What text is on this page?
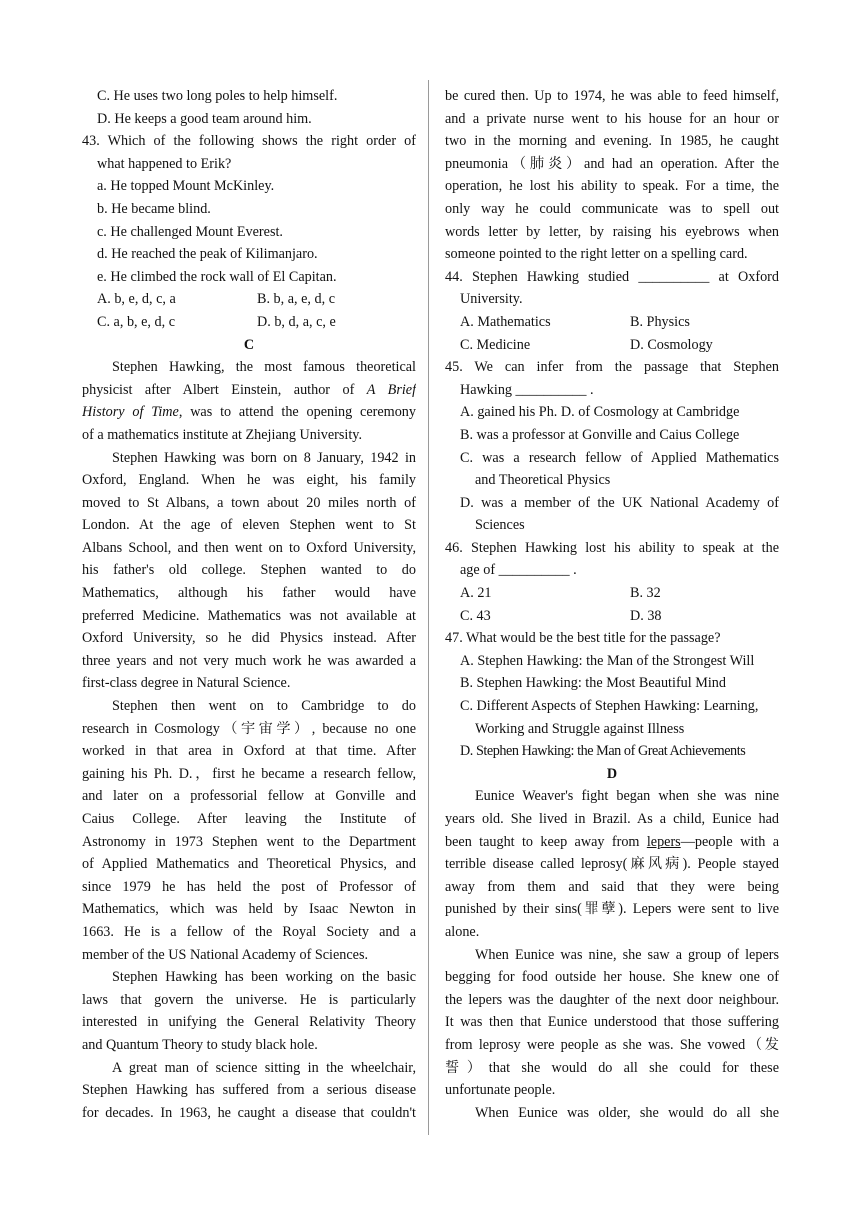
C. He uses two long poles to help himself.
D. He keeps a good team around him.
43. Which of the following shows the right order of
what happened to Erik?
a. He topped Mount McKinley.
b. He became blind.
c. He challenged Mount Everest.
d. He reached the peak of Kilimanjaro.
e. He climbed the rock wall of El Capitan.
A. b, e, d, c, a	B. b, a, e, d, c
C. a, b, e, d, c	D. b, d, a, c, e
C
Stephen Hawking, the most famous theoretical
physicist after Albert Einstein, author of A Brief
History of Time, was to attend the opening ceremony
of a mathematics institute at Zhejiang University.
Stephen Hawking was born on 8 January, 1942 in
Oxford, England. When he was eight, his family
moved to St Albans, a town about 20 miles north of
London. At the age of eleven Stephen went to St
Albans School, and then went on to Oxford University,
his father's old college. Stephen wanted to do
Mathematics, although his father would have
preferred Medicine. Mathematics was not available at
Oxford University, so he did Physics instead. After
three years and not very much work he was awarded a
first-class degree in Natural Science.
Stephen then went on to Cambridge to do
research in Cosmology（宇宙学）, because no one
worked in that area in Oxford at that time. After
gaining his Ph. D.，first he became a research fellow,
and later on a professorial fellow at Gonville and
Caius College. After leaving the Institute of
Astronomy in 1973 Stephen went to the Department
of Applied Mathematics and Theoretical Physics, and
since 1979 he has held the post of Professor of
Mathematics, which was held by Isaac Newton in
1663. He is a fellow of the Royal Society and a
member of the US National Academy of Sciences.
Stephen Hawking has been working on the basic
laws that govern the universe. He is particularly
interested in unifying the General Relativity Theory
and Quantum Theory to study black hole.
A great man of science sitting in the wheelchair,
Stephen Hawking has suffered from a serious disease
for decades. In 1963, he caught a disease that couldn't
be cured then. Up to 1974, he was able to feed himself,
and a private nurse went to his house for an hour or
two in the morning and evening. In 1985, he caught
pneumonia（肺炎）and had an operation. After the
operation, he lost his ability to speak. For a time, the
only way he could communicate was to spell out
words letter by letter, by raising his eyebrows when
someone pointed to the right letter on a spelling card.
44. Stephen Hawking studied __________ at Oxford
University.
A. Mathematics	B. Physics
C. Medicine	D. Cosmology
45. We can infer from the passage that Stephen
Hawking __________ .
A. gained his Ph. D. of Cosmology at Cambridge
B. was a professor at Gonville and Caius College
C. was a research fellow of Applied Mathematics
and Theoretical Physics
D. was a member of the UK National Academy of
Sciences
46. Stephen Hawking lost his ability to speak at the
age of __________ .
A. 21	B. 32
C. 43	D. 38
47. What would be the best title for the passage?
A. Stephen Hawking: the Man of the Strongest Will
B. Stephen Hawking: the Most Beautiful Mind
C. Different Aspects of Stephen Hawking: Learning,
Working and Struggle against Illness
D. Stephen Hawking: the Man of Great Achievements
D
Eunice Weaver's fight began when she was nine
years old. She lived in Brazil. As a child, Eunice had
been taught to keep away from lepers—people with a
terrible disease called leprosy(麻风病). People stayed
away from them and said that they were being
punished by their sins(罪孽). Lepers were sent to live
alone.
When Eunice was nine, she saw a group of lepers
begging for food outside her house. She knew one of
the lepers was the daughter of the next door neighbour.
It was then that Eunice understood that those suffering
from leprosy were people as she was. She vowed（发
誓）that she would do all she could for these
unfortunate people.
When Eunice was older, she would do all she
